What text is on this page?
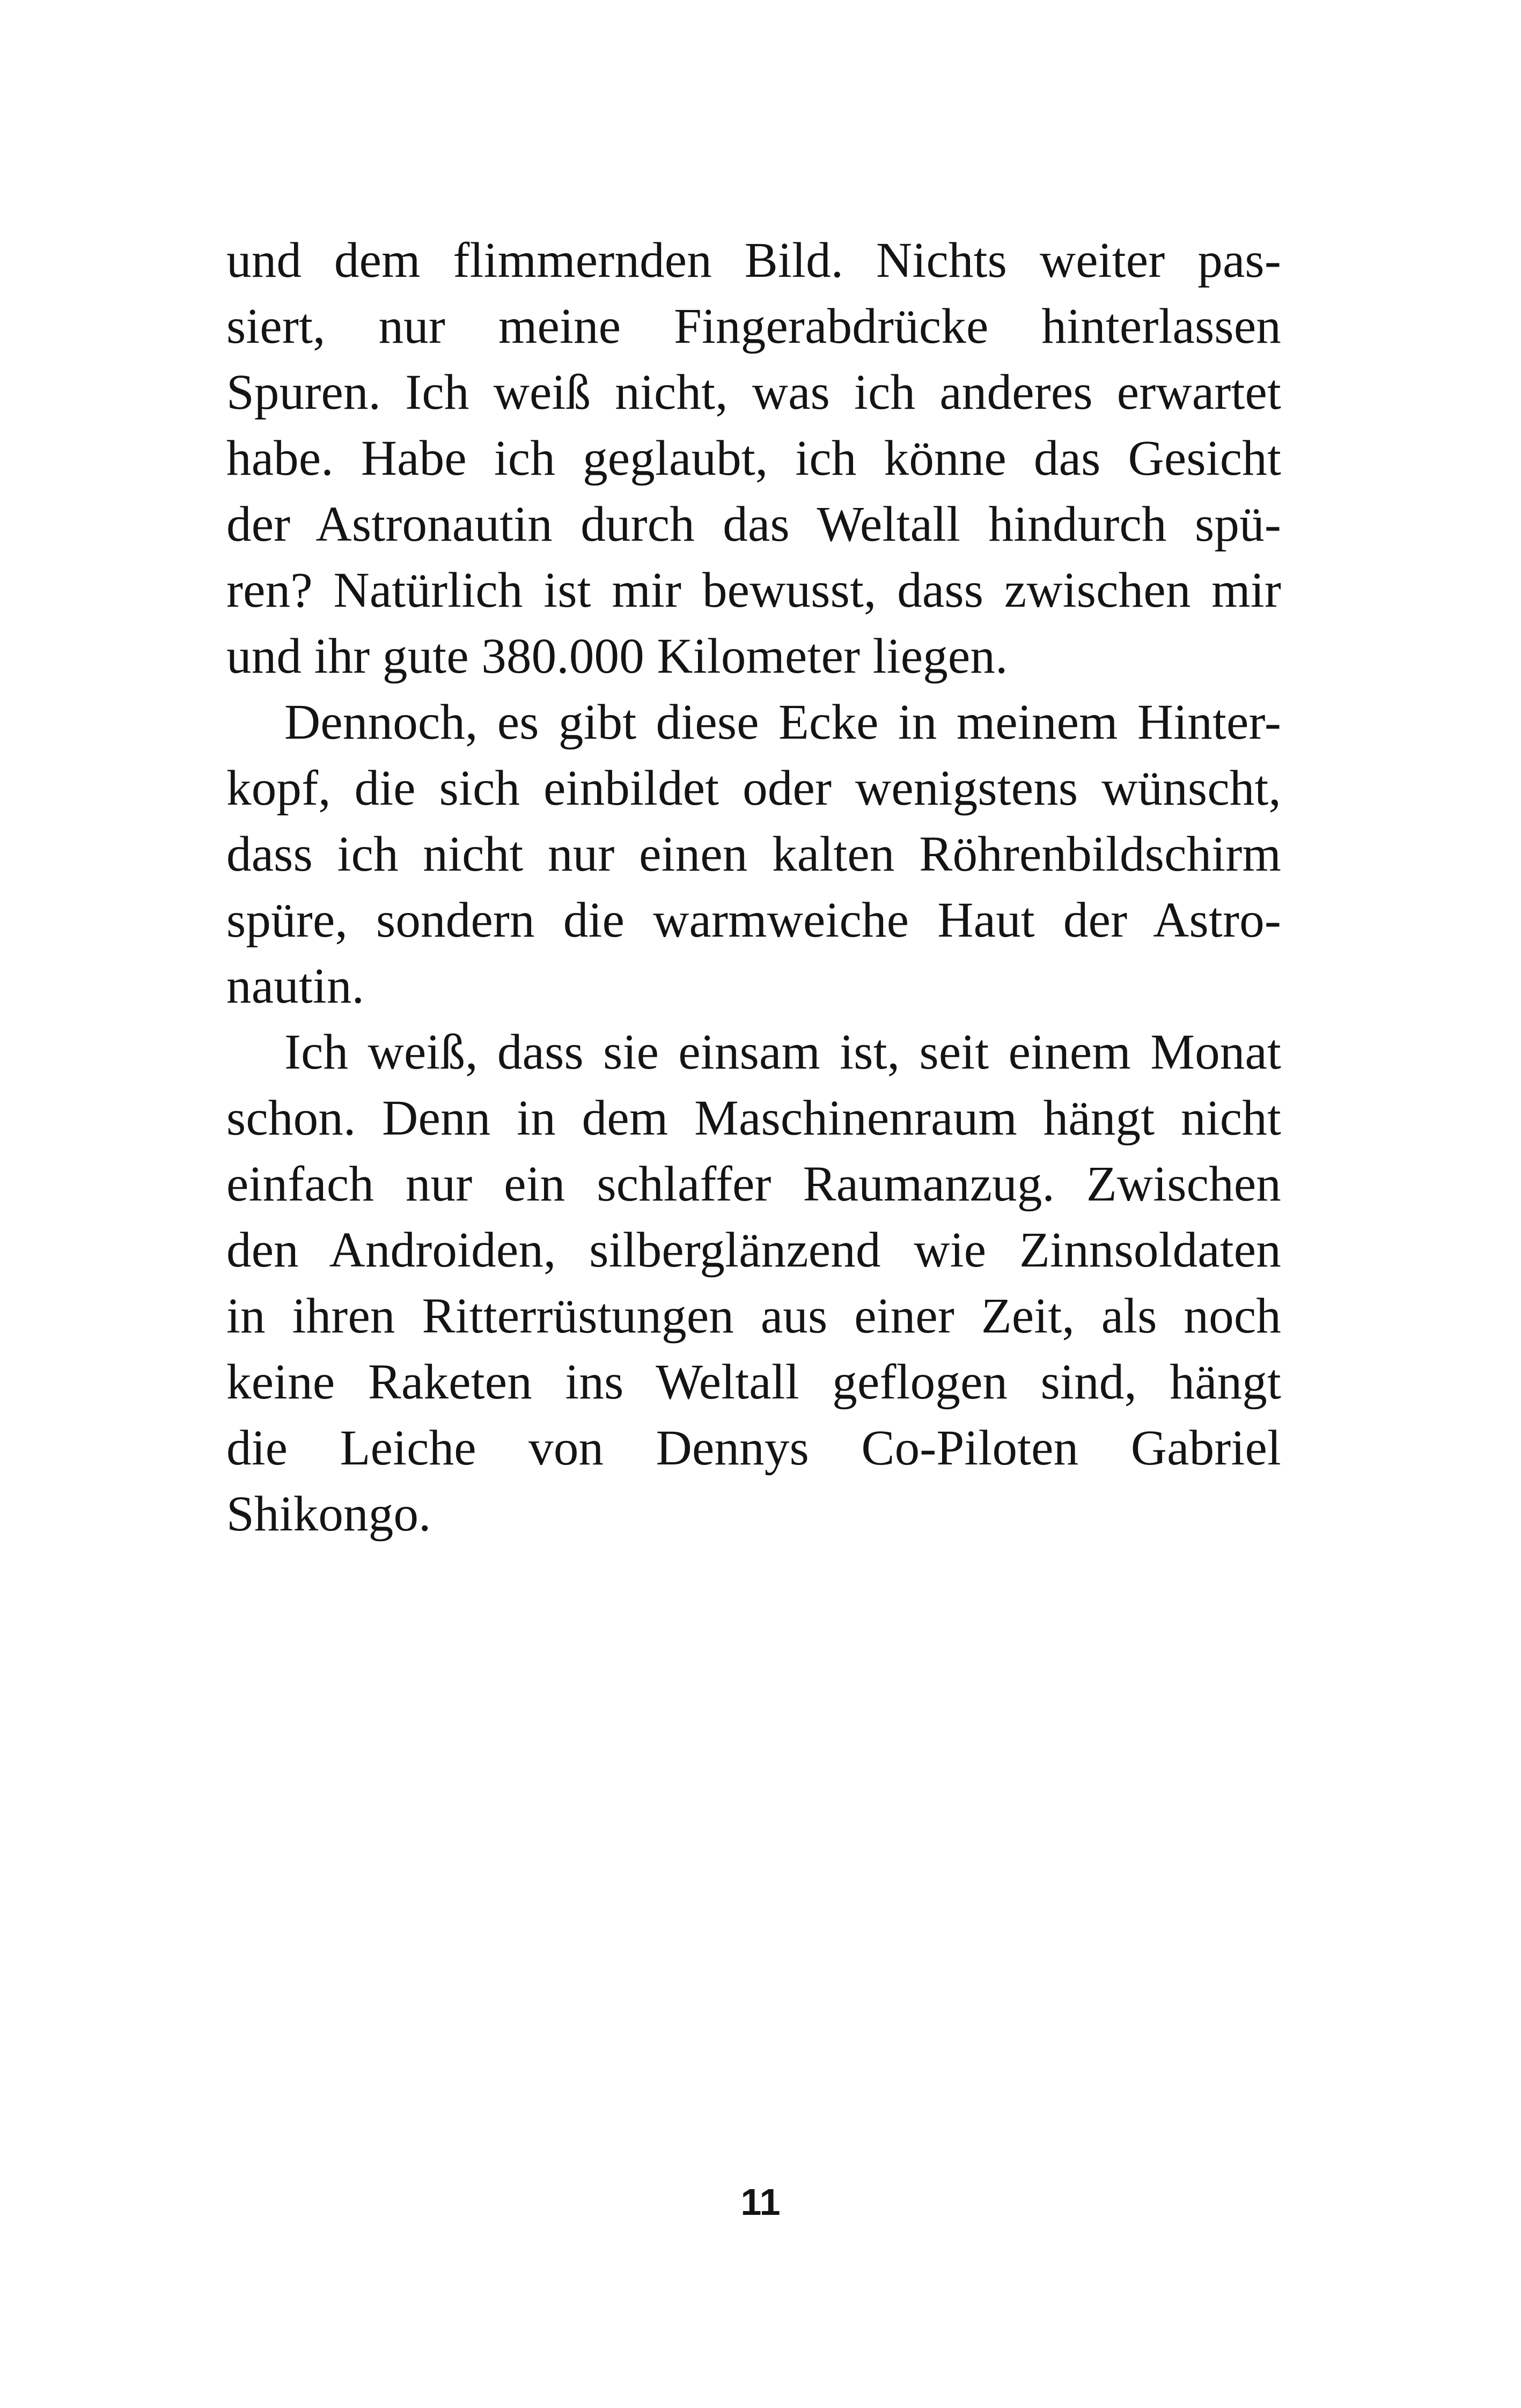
und dem flimmernden Bild. Nichts weiter pas-
siert, nur meine Fingerabdrücke hinterlassen
Spuren. Ich weiß nicht, was ich anderes erwartet
habe. Habe ich geglaubt, ich könne das Gesicht
der Astronautin durch das Weltall hindurch spü-
ren? Natürlich ist mir bewusst, dass zwischen mir
und ihr gute 380.000 Kilometer liegen.
Dennoch, es gibt diese Ecke in meinem Hinter-
kopf, die sich einbildet oder wenigstens wünscht,
dass ich nicht nur einen kalten Röhrenbildschirm
spüre, sondern die warmweiche Haut der Astro-
nautin.
Ich weiß, dass sie einsam ist, seit einem Monat
schon. Denn in dem Maschinenraum hängt nicht
einfach nur ein schlaffer Raumanzug. Zwischen
den Androiden, silberglänzend wie Zinnsoldaten
in ihren Ritterrüstungen aus einer Zeit, als noch
keine Raketen ins Weltall geflogen sind, hängt
die Leiche von Dennys Co-Piloten Gabriel
Shikongo.
11
